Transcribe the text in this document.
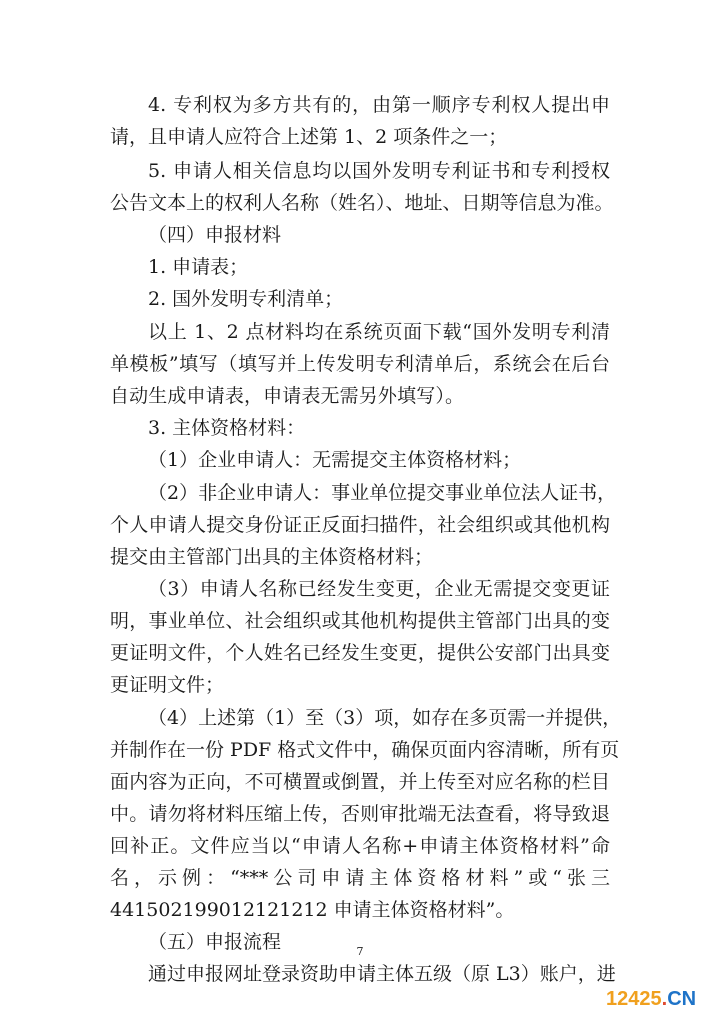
4. 专利权为多方共有的，由第一顺序专利权人提出申
请，且申请人应符合上述第 1、2 项条件之一；
5. 申请人相关信息均以国外发明专利证书和专利授权
公告文本上的权利人名称（姓名）、地址、日期等信息为准。
（四）申报材料
1. 申请表；
2. 国外发明专利清单；
以上 1、2 点材料均在系统页面下载“国外发明专利清
单模板”填写（填写并上传发明专利清单后，系统会在后台
自动生成申请表，申请表无需另外填写）。
3. 主体资格材料：
（1）企业申请人：无需提交主体资格材料；
（2）非企业申请人：事业单位提交事业单位法人证书，
个人申请人提交身份证正反面扫描件，社会组织或其他机构
提交由主管部门出具的主体资格材料；
（3）申请人名称已经发生变更，企业无需提交变更证
明，事业单位、社会组织或其他机构提供主管部门出具的变
更证明文件，个人姓名已经发生变更，提供公安部门出具变
更证明文件；
（4）上述第（1）至（3）项，如存在多页需一并提供，
并制作在一份 PDF 格式文件中，确保页面内容清晰，所有页
面内容为正向，不可横置或倒置，并上传至对应名称的栏目
中。请勿将材料压缩上传，否则审批端无法查看，将导致退
回补正。文件应当以“申请人名称+申请主体资格材料”命
名，示例：“***公司申请主体资格材料”或“张三
441502199012121212 申请主体资格材料”。
（五）申报流程
通过申报网址登录资助申请主体五级（原 L3）账户，进
7
12425.CN
